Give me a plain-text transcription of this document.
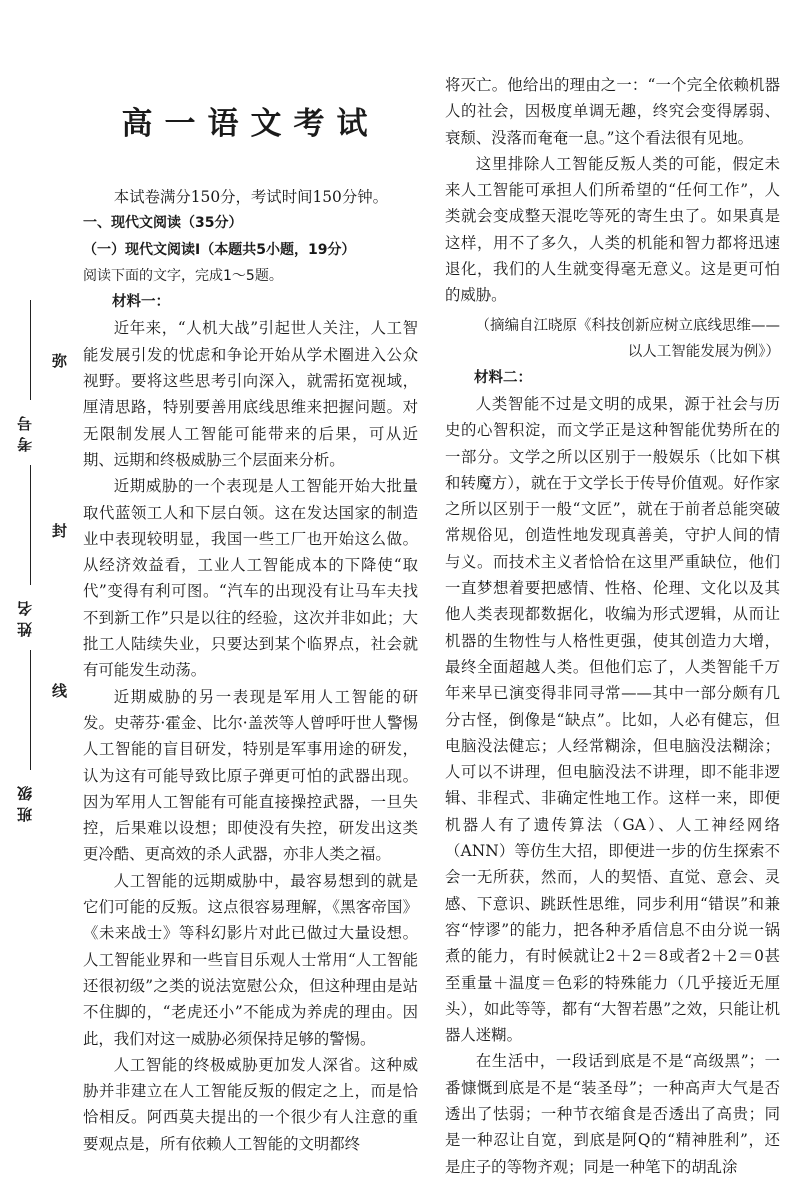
考号
姓名
班级
弥
封
线
高一语文考试

本试卷满分150分，考试时间150分钟。

一、现代文阅读（35分）

（一）现代文阅读Ⅰ（本题共5小题，19分）

阅读下面的文字，完成1～5题。

材料一：

近年来，“人机大战”引起世人关注，人工智能发展引发的忧虑和争论开始从学术圈进入公众视野。要将这些思考引向深入，就需拓宽视域，厘清思路，特别要善用底线思维来把握问题。对无限制发展人工智能可能带来的后果，可从近期、远期和终极威胁三个层面来分析。

近期威胁的一个表现是人工智能开始大批量取代蓝领工人和下层白领。这在发达国家的制造业中表现较明显，我国一些工厂也开始这么做。从经济效益看，工业人工智能成本的下降使“取代”变得有利可图。“汽车的出现没有让马车夫找不到新工作”只是以往的经验，这次并非如此；大批工人陆续失业，只要达到某个临界点，社会就有可能发生动荡。

近期威胁的另一表现是军用人工智能的研发。史蒂芬·霍金、比尔·盖茨等人曾呼吁世人警惕人工智能的盲目研发，特别是军事用途的研发，认为这有可能导致比原子弹更可怕的武器出现。因为军用人工智能有可能直接操控武器，一旦失控，后果难以设想；即使没有失控，研发出这类更冷酷、更高效的杀人武器，亦非人类之福。

人工智能的远期威胁中，最容易想到的就是它们可能的反叛。这点很容易理解，《黑客帝国》《未来战士》等科幻影片对此已做过大量设想。人工智能业界和一些盲目乐观人士常用“人工智能还很初级”之类的说法宽慰公众，但这种理由是站不住脚的，“老虎还小”不能成为养虎的理由。因此，我们对这一威胁必须保持足够的警惕。

人工智能的终极威胁更加发人深省。这种威胁并非建立在人工智能反叛的假定之上，而是恰恰相反。阿西莫夫提出的一个很少有人注意的重要观点是，所有依赖人工智能的文明都终

将灭亡。他给出的理由之一：“一个完全依赖机器人的社会，因极度单调无趣，终究会变得孱弱、衰颓、没落而奄奄一息。”这个看法很有见地。

这里排除人工智能反叛人类的可能，假定未来人工智能可承担人们所希望的“任何工作”，人类就会变成整天混吃等死的寄生虫了。如果真是这样，用不了多久，人类的机能和智力都将迅速退化，我们的人生就变得毫无意义。这是更可怕的威胁。

（摘编自江晓原《科技创新应树立底线思维——

以人工智能发展为例》）

材料二：

人类智能不过是文明的成果，源于社会与历史的心智积淀，而文学正是这种智能优势所在的一部分。文学之所以区别于一般娱乐（比如下棋和转魔方），就在于文学长于传导价值观。好作家之所以区别于一般“文匠”，就在于前者总能突破常规俗见，创造性地发现真善美，守护人间的情与义。而技术主义者恰恰在这里严重缺位，他们一直梦想着要把感情、性格、伦理、文化以及其他人类表现都数据化，收编为形式逻辑，从而让机器的生物性与人格性更强，使其创造力大增，最终全面超越人类。但他们忘了，人类智能千万年来早已演变得非同寻常——其中一部分颇有几分古怪，倒像是“缺点”。比如，人必有健忘，但电脑没法健忘；人经常糊涂，但电脑没法糊涂；人可以不讲理，但电脑没法不讲理，即不能非逻辑、非程式、非确定性地工作。这样一来，即便机器人有了遗传算法（GA）、人工神经网络（ANN）等仿生大招，即便进一步的仿生探索不会一无所获，然而，人的契悟、直觉、意会、灵感、下意识、跳跃性思维，同步利用“错误”和兼容“悖谬”的能力，把各种矛盾信息不由分说一锅煮的能力，有时候就让2＋2＝8或者2＋2＝0甚至重量＋温度＝色彩的特殊能力（几乎接近无厘头），如此等等，都有“大智若愚”之效，只能让机器人迷糊。

在生活中，一段话到底是不是“高级黑”；一番慷慨到底是不是“装圣母”；一种高声大气是否透出了怯弱；一种节衣缩食是否透出了高贵；同是一种忍让自宽，到底是阿Q的“精神胜利”，还是庄子的等物齐观；同是一种笔下的胡乱涂
